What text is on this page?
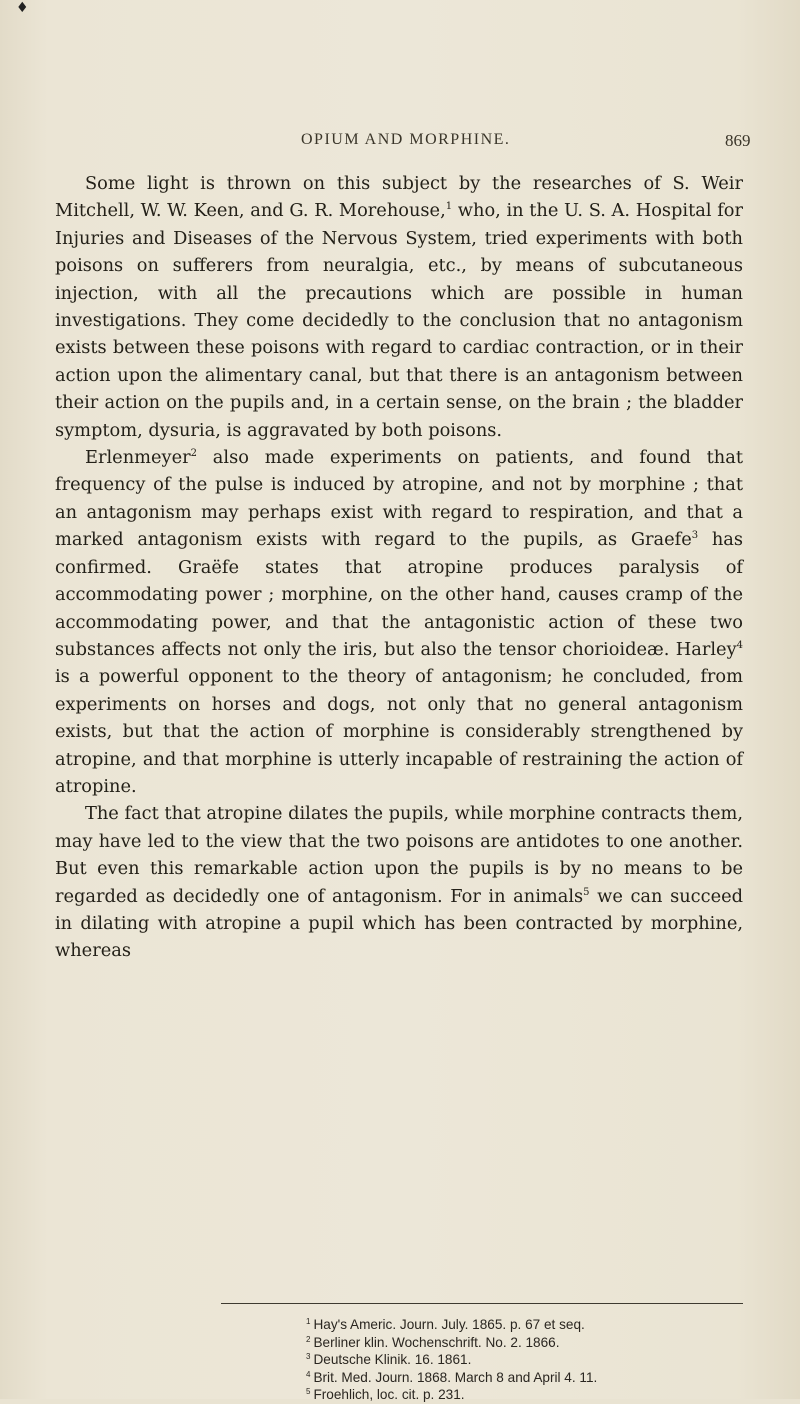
♦
OPIUM AND MORPHINE.	869

Some light is thrown on this subject by the researches of S. Weir Mitchell, W. W. Keen, and G. R. Morehouse,$^1$ who, in the U. S. A. Hospital for Injuries and Diseases of the Nervous System, tried experiments with both poisons on sufferers from neuralgia, etc., by means of subcutaneous injection, with all the precautions which are possible in human investigations. They come decidedly to the conclusion that no antagonism exists between these poisons with regard to cardiac contraction, or in their action upon the alimentary canal, but that there is an antagonism between their action on the pupils and, in a certain sense, on the brain ; the bladder symptom, dysuria, is aggravated by both poisons.

Erlenmeyer$^2$ also made experiments on patients, and found that frequency of the pulse is induced by atropine, and not by morphine ; that an antagonism may perhaps exist with regard to respiration, and that a marked antagonism exists with regard to the pupils, as Graefe$^3$ has confirmed. Graëfe states that atropine produces paralysis of accommodating power ; morphine, on the other hand, causes cramp of the accommodating power, and that the antagonistic action of these two substances affects not only the iris, but also the tensor chorioideæ. Harley$^4$ is a powerful opponent to the theory of antagonism; he concluded, from experiments on horses and dogs, not only that no general antagonism exists, but that the action of morphine is considerably strengthened by atropine, and that morphine is utterly incapable of restraining the action of atropine.

The fact that atropine dilates the pupils, while morphine contracts them, may have led to the view that the two poisons are antidotes to one another. But even this remarkable action upon the pupils is by no means to be regarded as decidedly one of antagonism. For in animals$^5$ we can succeed in dilating with atropine a pupil which has been contracted by morphine, whereas

$^1$ Hay's Americ. Journ. July. 1865. p. 67 et seq.
$^2$ Berliner klin. Wochenschrift. No. 2. 1866.
$^3$ Deutsche Klinik. 16. 1861.
$^4$ Brit. Med. Journ. 1868. March 8 and April 4. 11.
$^5$ Froehlich, loc. cit. p. 231.
